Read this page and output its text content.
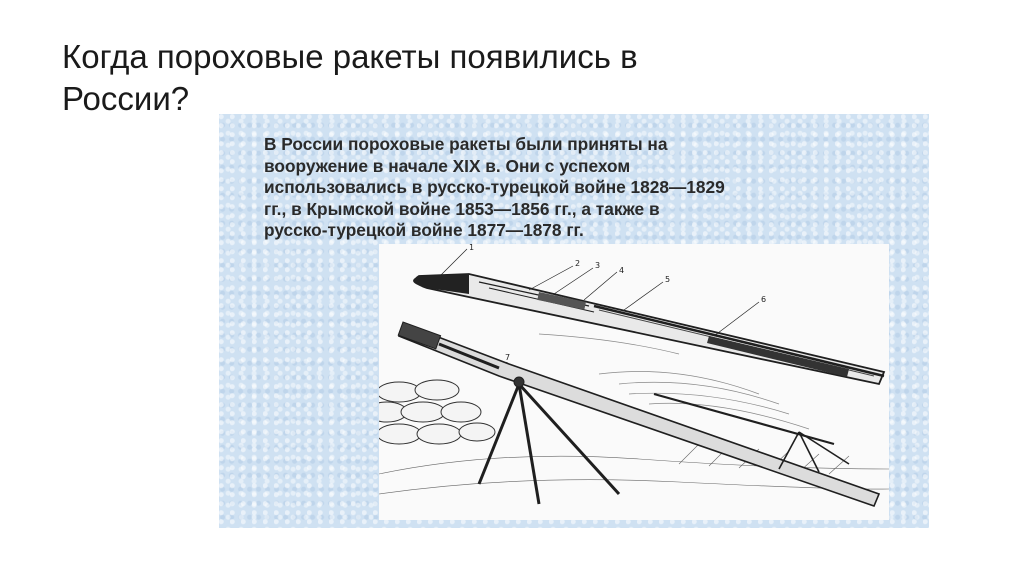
Когда пороховые ракеты появились в
России?

В России пороховые ракеты были приняты на
вооружение в начале XIX в. Они с успехом
использовались в русско-турецкой войне 1828—1829
гг., в Крымской войне 1853—1856 гг., а также в
русско-турецкой войне 1877—1878 гг.

1
2 3
4
5
6
7
